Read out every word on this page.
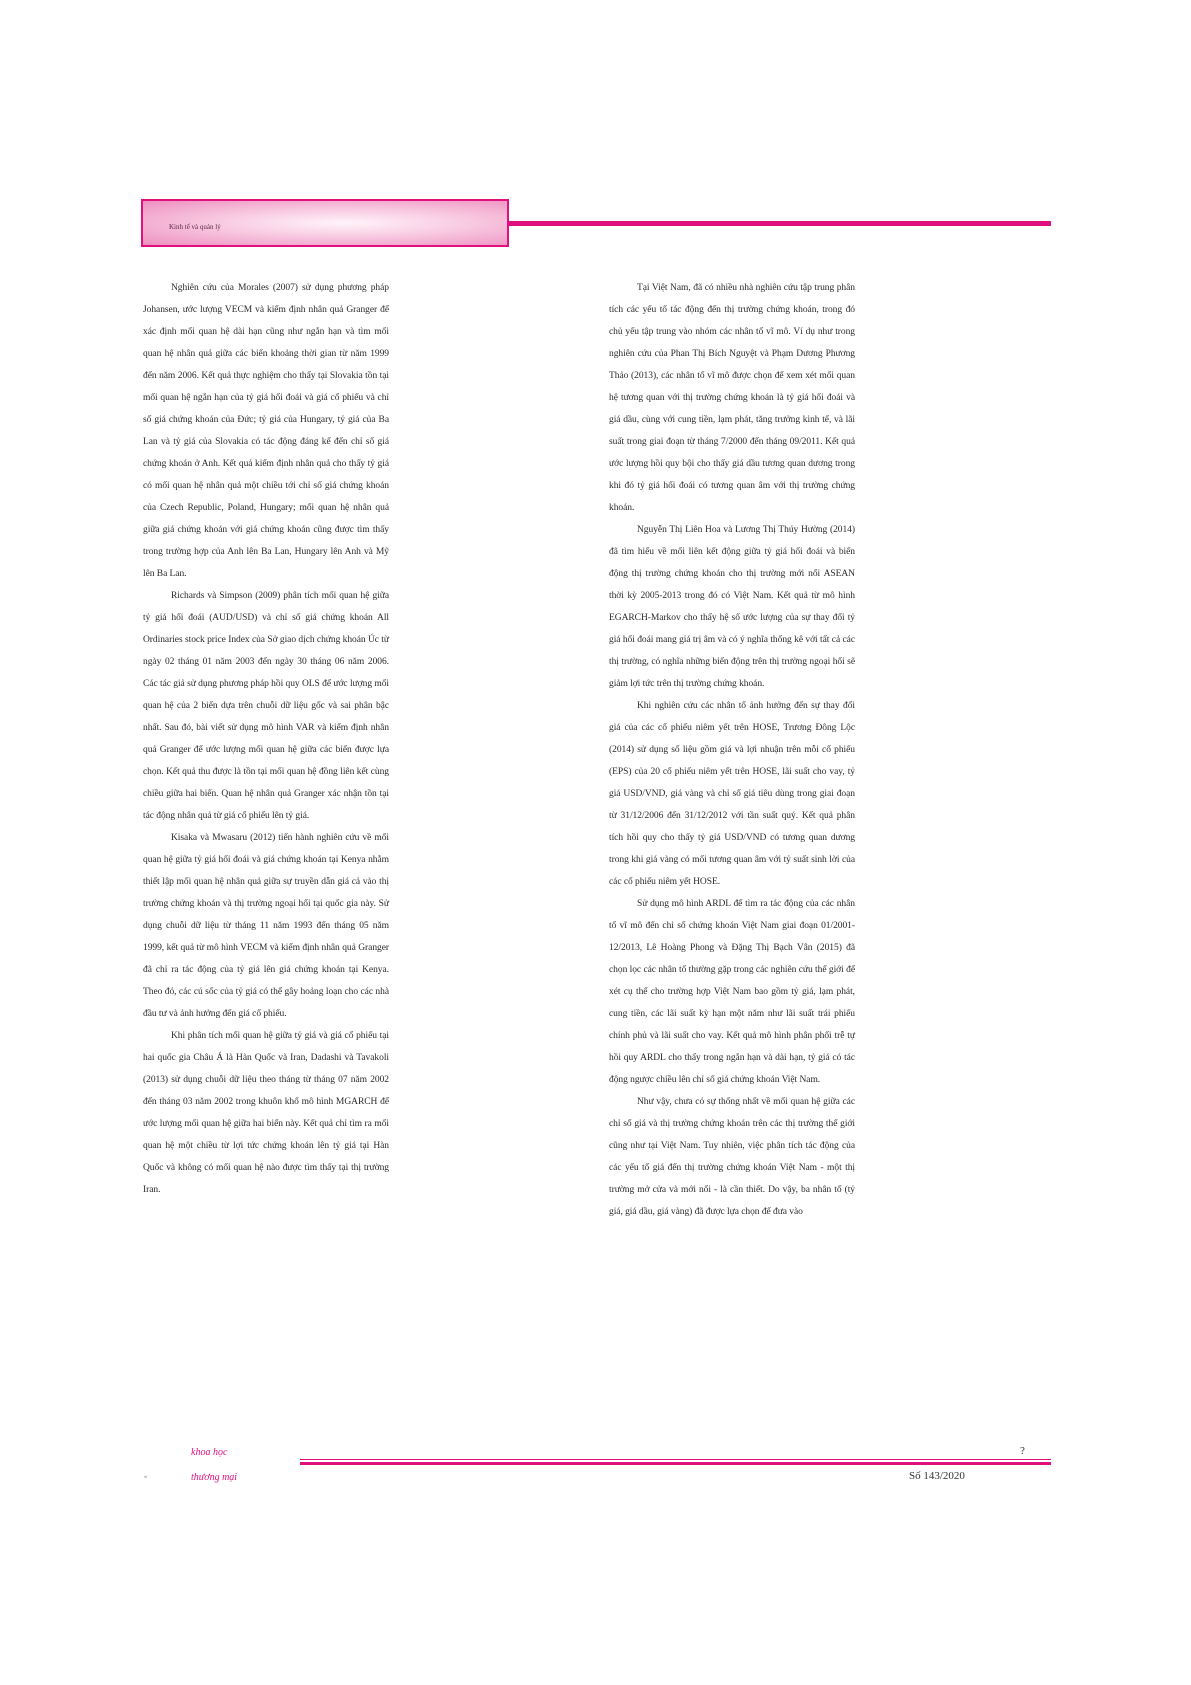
Kinh tế và quản lý

Nghiên cứu của Morales (2007) sử dụng phương pháp Johansen, ước lượng VECM và kiểm định nhân quả Granger để xác định mối quan hệ dài hạn cũng như ngắn hạn và tìm mối quan hệ nhân quả giữa các biến khoảng thời gian từ năm 1999 đến năm 2006. Kết quả thực nghiệm cho thấy tại Slovakia tồn tại mối quan hệ ngắn hạn của tỷ giá hối đoái và giá cổ phiếu và chỉ số giá chứng khoán của Đức; tỷ giá của Hungary, tỷ giá của Ba Lan và tỷ giá của Slovakia có tác động đáng kể đến chỉ số giá chứng khoán ở Anh. Kết quả kiểm định nhân quả cho thấy tỷ giá có mối quan hệ nhân quả một chiều tới chỉ số giá chứng khoán của Czech Republic, Poland, Hungary; mối quan hệ nhân quả giữa giá chứng khoán với giá chứng khoán cũng được tìm thấy trong trường hợp của Anh lên Ba Lan, Hungary lên Anh và Mỹ lên Ba Lan.

Richards và Simpson (2009) phân tích mối quan hệ giữa tỷ giá hối đoái (AUD/USD) và chỉ số giá chứng khoán All Ordinaries stock price Index của Sở giao dịch chứng khoán Úc từ ngày 02 tháng 01 năm 2003 đến ngày 30 tháng 06 năm 2006. Các tác giả sử dụng phương pháp hồi quy OLS để ước lượng mối quan hệ của 2 biến dựa trên chuỗi dữ liệu gốc và sai phân bậc nhất. Sau đó, bài viết sử dụng mô hình VAR và kiểm định nhân quả Granger để ước lượng mối quan hệ giữa các biến được lựa chọn. Kết quả thu được là tồn tại mối quan hệ đồng liên kết cùng chiều giữa hai biến. Quan hệ nhân quả Granger xác nhận tồn tại tác động nhân quả từ giá cổ phiếu lên tỷ giá.

Kisaka và Mwasaru (2012) tiến hành nghiên cứu về mối quan hệ giữa tỷ giá hối đoái và giá chứng khoán tại Kenya nhằm thiết lập mối quan hệ nhân quả giữa sự truyền dẫn giá cả vào thị trường chứng khoán và thị trường ngoại hối tại quốc gia này. Sử dụng chuỗi dữ liệu từ tháng 11 năm 1993 đến tháng 05 năm 1999, kết quả từ mô hình VECM và kiểm định nhân quả Granger đã chỉ ra tác động của tỷ giá lên giá chứng khoán tại Kenya. Theo đó, các cú sốc của tỷ giá có thể gây hoảng loạn cho các nhà đầu tư và ảnh hưởng đến giá cổ phiếu.

Khi phân tích mối quan hệ giữa tỷ giá và giá cổ phiếu tại hai quốc gia Châu Á là Hàn Quốc và Iran, Dadashi và Tavakoli (2013) sử dụng chuỗi dữ liệu theo tháng từ tháng 07 năm 2002 đến tháng 03 năm 2002 trong khuôn khổ mô hình MGARCH để ước lượng mối quan hệ giữa hai biến này. Kết quả chỉ tìm ra mối quan hệ một chiều từ lợi tức chứng khoán lên tỷ giá tại Hàn Quốc và không có mối quan hệ nào được tìm thấy tại thị trường Iran.

Tại Việt Nam, đã có nhiều nhà nghiên cứu tập trung phân tích các yếu tố tác động đến thị trường chứng khoán, trong đó chủ yếu tập trung vào nhóm các nhân tố vĩ mô. Ví dụ như trong nghiên cứu của Phan Thị Bích Nguyệt và Phạm Dương Phương Thảo (2013), các nhân tố vĩ mô được chọn để xem xét mối quan hệ tương quan với thị trường chứng khoán là tỷ giá hối đoái và giá dầu, cùng với cung tiền, lạm phát, tăng trưởng kinh tế, và lãi suất trong giai đoạn từ tháng 7/2000 đến tháng 09/2011. Kết quả ước lượng hồi quy bội cho thấy giá dầu tương quan dương trong khi đó tỷ giá hối đoái có tương quan âm với thị trường chứng khoán.

Nguyễn Thị Liên Hoa và Lương Thị Thúy Hường (2014) đã tìm hiểu về mối liên kết động giữa tỷ giá hối đoái và biến động thị trường chứng khoán cho thị trường mới nổi ASEAN thời kỳ 2005-2013 trong đó có Việt Nam. Kết quả từ mô hình EGARCH-Markov cho thấy hệ số ước lượng của sự thay đổi tỷ giá hối đoái mang giá trị âm và có ý nghĩa thống kê với tất cả các thị trường, có nghĩa những biến động trên thị trường ngoại hối sẽ giảm lợi tức trên thị trường chứng khoán.

Khi nghiên cứu các nhân tố ảnh hưởng đến sự thay đổi giá của các cổ phiếu niêm yết trên HOSE, Trương Đông Lộc (2014) sử dụng số liệu gồm giá và lợi nhuận trên mỗi cổ phiếu (EPS) của 20 cổ phiếu niêm yết trên HOSE, lãi suất cho vay, tỷ giá USD/VND, giá vàng và chỉ số giá tiêu dùng trong giai đoạn từ 31/12/2006 đến 31/12/2012 với tần suất quý. Kết quả phân tích hồi quy cho thấy tỷ giá USD/VND có tương quan dương trong khi giá vàng có mối tương quan âm với tỷ suất sinh lời của các cổ phiếu niêm yết HOSE.

Sử dụng mô hình ARDL để tìm ra tác động của các nhân tố vĩ mô đến chỉ số chứng khoán Việt Nam giai đoạn 01/2001-12/2013, Lê Hoàng Phong và Đặng Thị Bạch Vân (2015) đã chọn lọc các nhân tố thường gặp trong các nghiên cứu thế giới để xét cụ thể cho trường hợp Việt Nam bao gồm tỷ giá, lạm phát, cung tiền, các lãi suất kỳ hạn một năm như lãi suất trái phiếu chính phủ và lãi suất cho vay. Kết quả mô hình phân phối trễ tự hồi quy ARDL cho thấy trong ngắn hạn và dài hạn, tỷ giá có tác động ngược chiều lên chỉ số giá chứng khoán Việt Nam.

Như vậy, chưa có sự thống nhất về mối quan hệ giữa các chỉ số giá và thị trường chứng khoán trên các thị trường thế giới cũng như tại Việt Nam. Tuy nhiên, việc phân tích tác động của các yếu tố giá đến thị trường chứng khoán Việt Nam - một thị trường mở cửa và mới nổi - là cần thiết. Do vậy, ba nhân tố (tỷ giá, giá dầu, giá vàng) đã được lựa chọn để đưa vào

«
khoa học
thương mại
?
Số 143/2020
